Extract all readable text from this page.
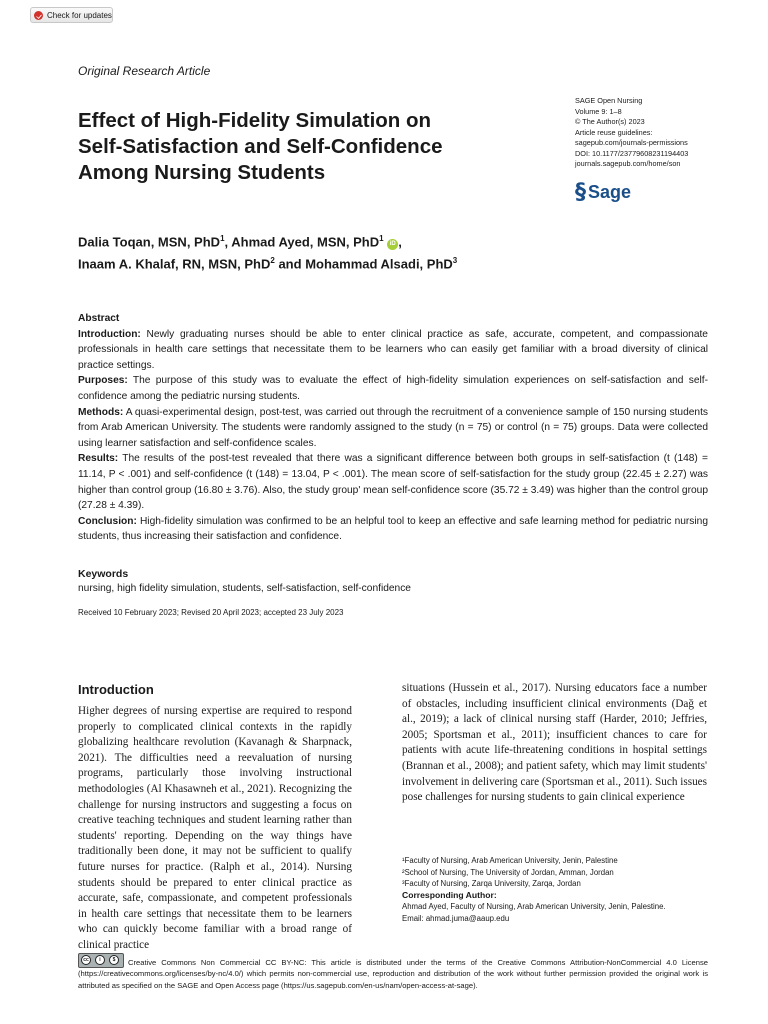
Check for updates
Original Research Article
Effect of High-Fidelity Simulation on Self-Satisfaction and Self-Confidence Among Nursing Students
SAGE Open Nursing
Volume 9: 1–8
© The Author(s) 2023
Article reuse guidelines:
sagepub.com/journals-permissions
DOI: 10.1177/23779608231194403
journals.sagepub.com/home/son
§ Sage
Dalia Toqan, MSN, PhD$^1$, Ahmad Ayed, MSN, PhD$^1$ iD ,
Inaam A. Khalaf, RN, MSN, PhD$^2$ and Mohammad Alsadi, PhD$^3$
Abstract

Introduction: Newly graduating nurses should be able to enter clinical practice as safe, accurate, competent, and compassionate professionals in health care settings that necessitate them to be learners who can easily get familiar with a broad diversity of clinical practice settings.

Purposes: The purpose of this study was to evaluate the effect of high-fidelity simulation experiences on self-satisfaction and self-confidence among the pediatric nursing students.

Methods: A quasi-experimental design, post-test, was carried out through the recruitment of a convenience sample of 150 nursing students from Arab American University. The students were randomly assigned to the study (n = 75) or control (n = 75) groups. Data were collected using learner satisfaction and self-confidence scales.

Results: The results of the post-test revealed that there was a significant difference between both groups in self-satisfaction (t (148) = 11.14, P < .001) and self-confidence (t (148) = 13.04, P < .001). The mean score of self-satisfaction for the study group (22.45 ± 2.27) was higher than control group (16.80 ± 3.76). Also, the study group' mean self-confidence score (35.72 ± 3.49) was higher than the control group (27.28 ± 4.39).

Conclusion: High-fidelity simulation was confirmed to be an helpful tool to keep an effective and safe learning method for pediatric nursing students, thus increasing their satisfaction and confidence.

Keywords
nursing, high fidelity simulation, students, self-satisfaction, self-confidence
Received 10 February 2023; Revised 20 April 2023; accepted 23 July 2023
Introduction

Higher degrees of nursing expertise are required to respond properly to complicated clinical contexts in the rapidly globalizing healthcare revolution (Kavanagh & Sharpnack, 2021). The difficulties need a reevaluation of nursing programs, particularly those involving instructional methodologies (Al Khasawneh et al., 2021). Recognizing the challenge for nursing instructors and suggesting a focus on creative teaching techniques and student learning rather than students' reporting. Depending on the way things have traditionally been done, it may not be sufficient to qualify future nurses for practice. (Ralph et al., 2014). Nursing students should be prepared to enter clinical practice as accurate, safe, compassionate, and competent professionals in health care settings that necessitate them to be learners who can quickly become familiar with a broad range of clinical practice

situations (Hussein et al., 2017). Nursing educators face a number of obstacles, including insufficient clinical environments (Dağ et al., 2019); a lack of clinical nursing staff (Harder, 2010; Jeffries, 2005; Sportsman et al., 2011); insufficient chances to care for patients with acute life-threatening conditions in hospital settings (Brannan et al., 2008); and patient safety, which may limit students' involvement in delivering care (Sportsman et al., 2011). Such issues pose challenges for nursing students to gain clinical experience

¹Faculty of Nursing, Arab American University, Jenin, Palestine
²School of Nursing, The University of Jordan, Amman, Jordan
³Faculty of Nursing, Zarqa University, Zarqa, Jordan
Corresponding Author:
Ahmad Ayed, Faculty of Nursing, Arab American University, Jenin, Palestine.
Email: ahmad.juma@aaup.edu
cc	i	$	Creative Commons Non Commercial CC BY-NC: This article is distributed under the terms of the Creative Commons Attribution-NonCommercial 4.0 License (https://creativecommons.org/licenses/by-nc/4.0/) which permits non-commercial use, reproduction and distribution of the work without further permission provided the original work is attributed as specified on the SAGE and Open Access page (https://us.sagepub.com/en-us/nam/open-access-at-sage).
